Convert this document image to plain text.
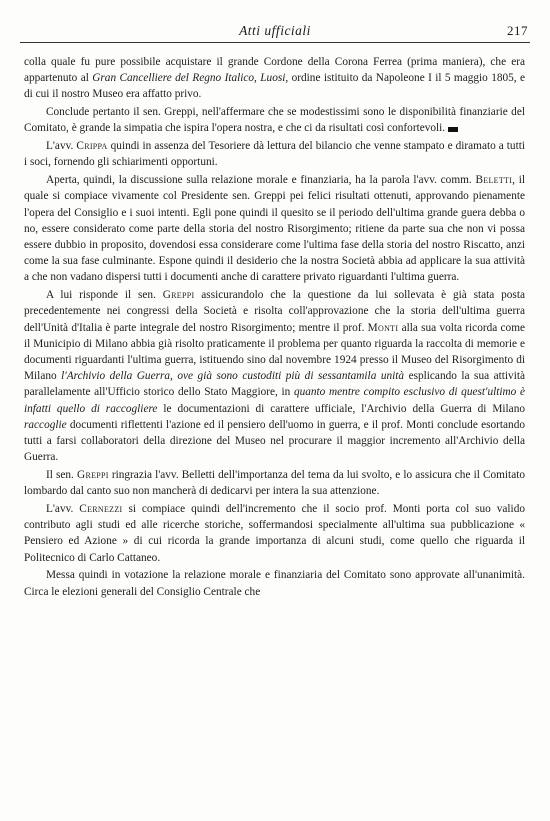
Atti ufficiali	217

colla quale fu pure possibile acquistare il grande Cordone della Corona Ferrea (prima maniera), che era appartenuto al Gran Cancelliere del Regno Italico, Luosi, ordine istituito da Napoleone I il 5 maggio 1805, e di cui il nostro Museo era affatto privo.

Conclude pertanto il sen. Greppi, nell'affermare che se modestissimi sono le disponibilità finanziarie del Comitato, è grande la simpatia che ispira l'opera nostra, e che ci da risultati così confortevoli.

L'avv. Crippa quindi in assenza del Tesoriere dà lettura del bilancio che venne stampato e diramato a tutti i soci, fornendo gli schiarimenti opportuni.

Aperta, quindi, la discussione sulla relazione morale e finanziaria, ha la parola l'avv. comm. Beletti, il quale si compiace vivamente col Presidente sen. Greppi pei felici risultati ottenuti, approvando pienamente l'opera del Consiglio e i suoi intenti. Egli pone quindi il quesito se il periodo dell'ultima grande guera debba o no, essere considerato come parte della storia del nostro Risorgimento; ritiene da parte sua che non vi possa essere dubbio in proposito, dovendosi essa considerare come l'ultima fase della storia del nostro Riscatto, anzi come la sua fase culminante. Espone quindi il desiderio che la nostra Società abbia ad applicare la sua attività a che non vadano dispersi tutti i documenti anche di carattere privato riguardanti l'ultima guerra.

A lui risponde il sen. Greppi assicurandolo che la questione da lui sollevata è già stata posta precedentemente nei congressi della Società e risolta coll'approvazione che la storia dell'ultima guerra dell'Unità d'Italia è parte integrale del nostro Risorgimento; mentre il prof. Monti alla sua volta ricorda come il Municipio di Milano abbia già risolto praticamente il problema per quanto riguarda la raccolta di memorie e documenti riguardanti l'ultima guerra, istituendo sino dal novembre 1924 presso il Museo del Risorgimento di Milano l'Archivio della Guerra, ove già sono custoditi più di sessantamila unità esplicando la sua attività parallelamente all'Ufficio storico dello Stato Maggiore, in quanto mentre compito esclusivo di quest'ultimo è infatti quello di raccogliere le documentazioni di carattere ufficiale, l'Archivio della Guerra di Milano raccoglie documenti riflettenti l'azione ed il pensiero dell'uomo in guerra, e il prof. Monti conclude esortando tutti a farsi collaboratori della direzione del Museo nel procurare il maggior incremento all'Archivio della Guerra.

Il sen. Greppi ringrazia l'avv. Belletti dell'importanza del tema da lui svolto, e lo assicura che il Comitato lombardo dal canto suo non mancherà di dedicarvi per intera la sua attenzione.

L'avv. Cernezzi si compiace quindi dell'incremento che il socio prof. Monti porta col suo valido contributo agli studi ed alle ricerche storiche, soffermandosi specialmente all'ultima sua pubblicazione « Pensiero ed Azione » di cui ricorda la grande importanza di alcuni studi, come quello che riguarda il Politecnico di Carlo Cattaneo.

Messa quindi in votazione la relazione morale e finanziaria del Comitato sono approvate all'unanimità. Circa le elezioni generali del Consiglio Centrale che
